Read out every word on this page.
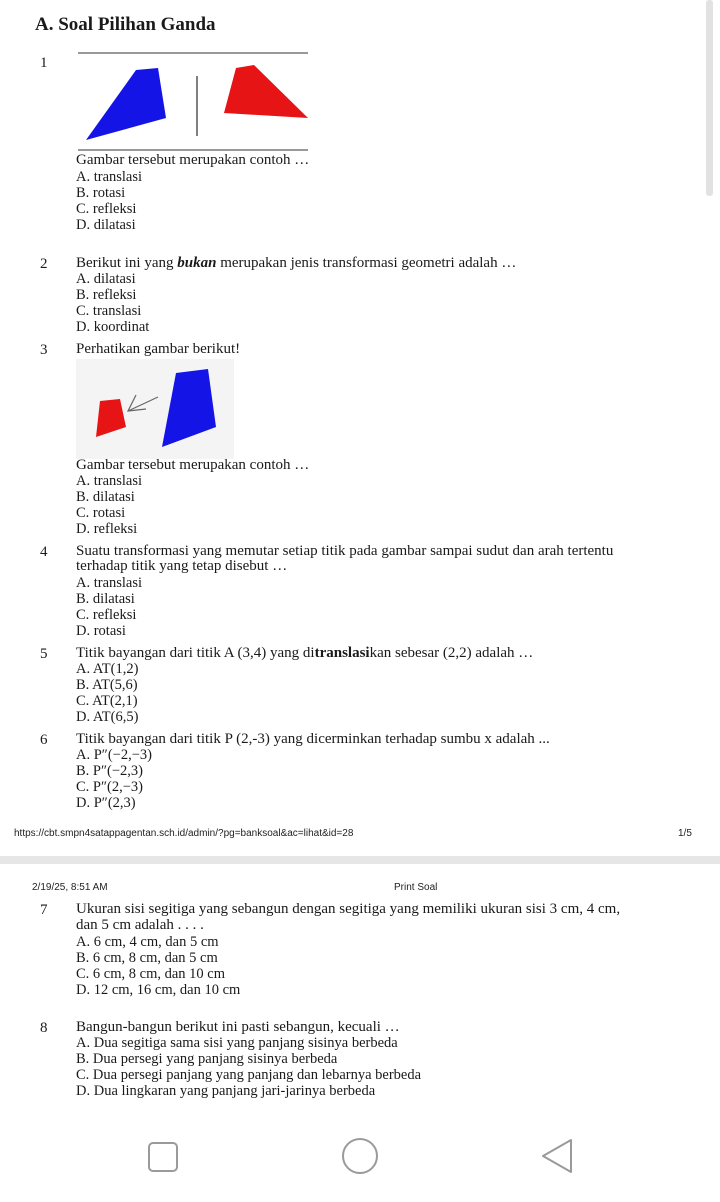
A. Soal Pilihan Ganda
1
Gambar tersebut merupakan contoh …
A. translasi
B. rotasi
C. refleksi
D. dilatasi
2 Berikut ini yang bukan merupakan jenis transformasi geometri adalah …
A. dilatasi
B. refleksi
C. translasi
D. koordinat
3 Perhatikan gambar berikut!
Gambar tersebut merupakan contoh …
A. translasi
B. dilatasi
C. rotasi
D. refleksi
4 Suatu transformasi yang memutar setiap titik pada gambar sampai sudut dan arah tertentu
terhadap titik yang tetap disebut …
A. translasi
B. dilatasi
C. refleksi
D. rotasi
5 Titik bayangan dari titik A (3,4) yang ditranslasikan sebesar (2,2) adalah …
A. AT(1,2)
B. AT(5,6)
C. AT(2,1)
D. AT(6,5)
6 Titik bayangan dari titik P (2,-3) yang dicerminkan terhadap sumbu x adalah ...
A. P″(−2,−3)
B. P″(−2,3)
C. P″(2,−3)
D. P″(2,3)
https://cbt.smpn4satappagentan.sch.id/admin/?pg=banksoal&ac=lihat&id=28	1/5
2/19/25, 8:51 AM	Print Soal
7 Ukuran sisi segitiga yang sebangun dengan segitiga yang memiliki ukuran sisi 3 cm, 4 cm,
dan 5 cm adalah . . . .
A. 6 cm, 4 cm, dan 5 cm
B. 6 cm, 8 cm, dan 5 cm
C. 6 cm, 8 cm, dan 10 cm
D. 12 cm, 16 cm, dan 10 cm
8 Bangun-bangun berikut ini pasti sebangun, kecuali …
A. Dua segitiga sama sisi yang panjang sisinya berbeda
B. Dua persegi yang panjang sisinya berbeda
C. Dua persegi panjang yang panjang dan lebarnya berbeda
D. Dua lingkaran yang panjang jari-jarinya berbeda
